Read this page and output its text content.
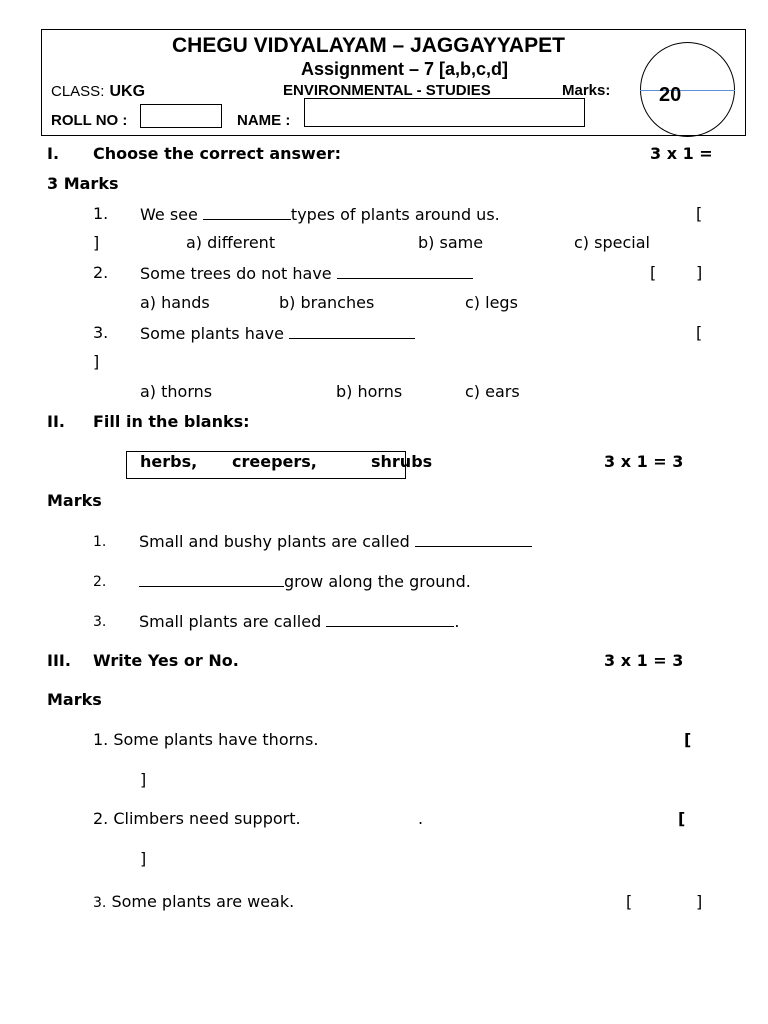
CHEGU VIDYALAYAM – JAGGAYYAPET
Assignment – 7 [a,b,c,d]
CLASS: UKG	ENVIRONMENTAL - STUDIES	Marks: 20
ROLL NO :	NAME :
I. Choose the correct answer:	3 x 1 =
3 Marks
1. We see	types of plants around us.	[
]	a) different	b) same	c) special
2. Some trees do not have	[ ]
a) hands	b) branches	c) legs
3. Some plants have	[
]
a) thorns	b) horns	c) ears
II. Fill in the blanks:
herbs, creepers,	shrubs	3 x 1 = 3
Marks
1. Small and bushy plants are called
2.	grow along the ground.
3. Small plants are called	.
III. Write Yes or No.	3 x 1 = 3
Marks
1. Some plants have thorns.	[
]
2. Climbers need support.	.	[
]
3. Some plants are weak.	[	]
